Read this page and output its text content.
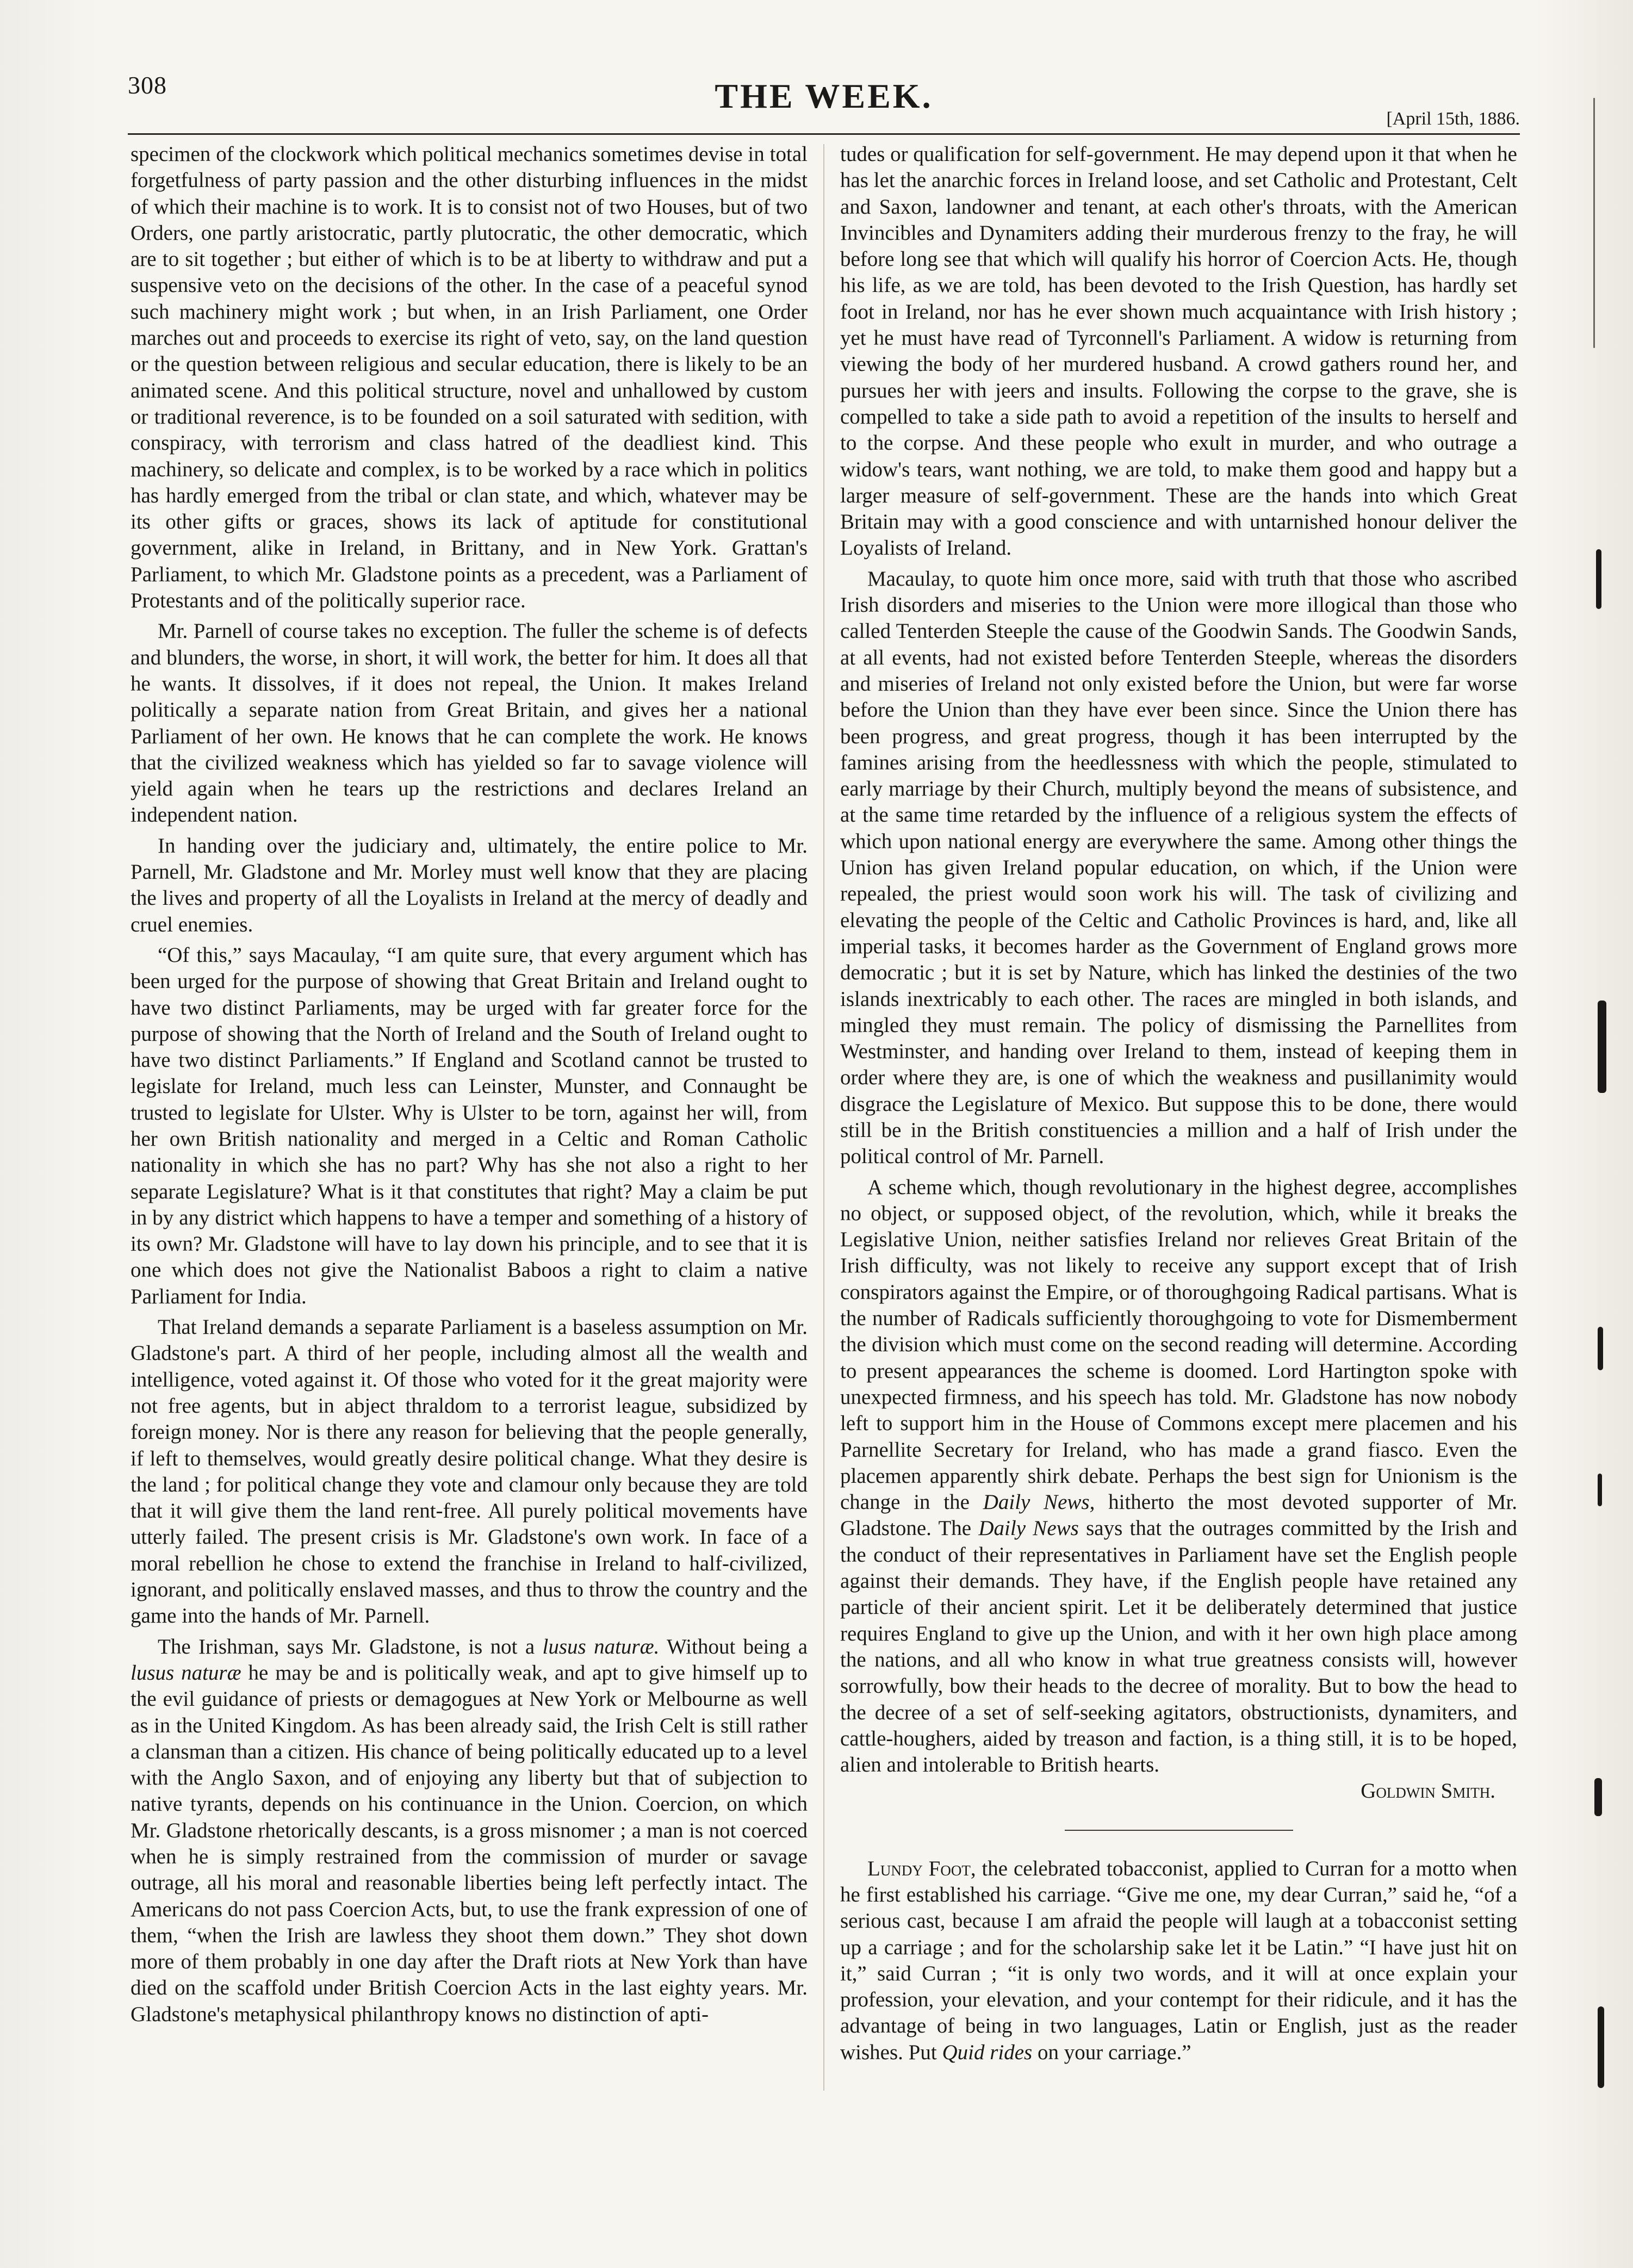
308	THE WEEK.
[April 15th, 1886.

specimen of the clockwork which political mechanics sometimes devise in total forgetfulness of party passion and the other disturbing influences in the midst of which their machine is to work. It is to consist not of two Houses, but of two Orders, one partly aristocratic, partly plutocratic, the other democratic, which are to sit together ; but either of which is to be at liberty to withdraw and put a suspensive veto on the decisions of the other. In the case of a peaceful synod such machinery might work ; but when, in an Irish Parliament, one Order marches out and proceeds to exercise its right of veto, say, on the land question or the question between religious and secular education, there is likely to be an animated scene. And this political structure, novel and unhallowed by custom or traditional reverence, is to be founded on a soil saturated with sedition, with conspiracy, with terrorism and class hatred of the deadliest kind. This machinery, so delicate and complex, is to be worked by a race which in politics has hardly emerged from the tribal or clan state, and which, whatever may be its other gifts or graces, shows its lack of aptitude for constitutional government, alike in Ireland, in Brittany, and in New York. Grattan's Parliament, to which Mr. Gladstone points as a precedent, was a Parliament of Protestants and of the politically superior race.

Mr. Parnell of course takes no exception. The fuller the scheme is of defects and blunders, the worse, in short, it will work, the better for him. It does all that he wants. It dissolves, if it does not repeal, the Union. It makes Ireland politically a separate nation from Great Britain, and gives her a national Parliament of her own. He knows that he can complete the work. He knows that the civilized weakness which has yielded so far to savage violence will yield again when he tears up the restrictions and declares Ireland an independent nation.

In handing over the judiciary and, ultimately, the entire police to Mr. Parnell, Mr. Gladstone and Mr. Morley must well know that they are placing the lives and property of all the Loyalists in Ireland at the mercy of deadly and cruel enemies.

“Of this,” says Macaulay, “I am quite sure, that every argument which has been urged for the purpose of showing that Great Britain and Ireland ought to have two distinct Parliaments, may be urged with far greater force for the purpose of showing that the North of Ireland and the South of Ireland ought to have two distinct Parliaments.” If England and Scotland cannot be trusted to legislate for Ireland, much less can Leinster, Munster, and Connaught be trusted to legislate for Ulster. Why is Ulster to be torn, against her will, from her own British nationality and merged in a Celtic and Roman Catholic nationality in which she has no part? Why has she not also a right to her separate Legislature? What is it that constitutes that right? May a claim be put in by any district which happens to have a temper and something of a history of its own? Mr. Gladstone will have to lay down his principle, and to see that it is one which does not give the Nationalist Baboos a right to claim a native Parliament for India.

That Ireland demands a separate Parliament is a baseless assumption on Mr. Gladstone's part. A third of her people, including almost all the wealth and intelligence, voted against it. Of those who voted for it the great majority were not free agents, but in abject thraldom to a terrorist league, subsidized by foreign money. Nor is there any reason for believing that the people generally, if left to themselves, would greatly desire political change. What they desire is the land ; for political change they vote and clamour only because they are told that it will give them the land rent-free. All purely political movements have utterly failed. The present crisis is Mr. Gladstone's own work. In face of a moral rebellion he chose to extend the franchise in Ireland to half-civilized, ignorant, and politically enslaved masses, and thus to throw the country and the game into the hands of Mr. Parnell.

The Irishman, says Mr. Gladstone, is not a lusus naturæ. Without being a lusus naturæ he may be and is politically weak, and apt to give himself up to the evil guidance of priests or demagogues at New York or Melbourne as well as in the United Kingdom. As has been already said, the Irish Celt is still rather a clansman than a citizen. His chance of being politically educated up to a level with the Anglo Saxon, and of enjoying any liberty but that of subjection to native tyrants, depends on his continuance in the Union. Coercion, on which Mr. Gladstone rhetorically descants, is a gross misnomer ; a man is not coerced when he is simply restrained from the commission of murder or savage outrage, all his moral and reasonable liberties being left perfectly intact. The Americans do not pass Coercion Acts, but, to use the frank expression of one of them, “when the Irish are lawless they shoot them down.” They shot down more of them probably in one day after the Draft riots at New York than have died on the scaffold under British Coercion Acts in the last eighty years. Mr. Gladstone's metaphysical philanthropy knows no distinction of apti-

tudes or qualification for self-government. He may depend upon it that when he has let the anarchic forces in Ireland loose, and set Catholic and Protestant, Celt and Saxon, landowner and tenant, at each other's throats, with the American Invincibles and Dynamiters adding their murderous frenzy to the fray, he will before long see that which will qualify his horror of Coercion Acts. He, though his life, as we are told, has been devoted to the Irish Question, has hardly set foot in Ireland, nor has he ever shown much acquaintance with Irish history ; yet he must have read of Tyrconnell's Parliament. A widow is returning from viewing the body of her murdered husband. A crowd gathers round her, and pursues her with jeers and insults. Following the corpse to the grave, she is compelled to take a side path to avoid a repetition of the insults to herself and to the corpse. And these people who exult in murder, and who outrage a widow's tears, want nothing, we are told, to make them good and happy but a larger measure of self-government. These are the hands into which Great Britain may with a good conscience and with untarnished honour deliver the Loyalists of Ireland.

Macaulay, to quote him once more, said with truth that those who ascribed Irish disorders and miseries to the Union were more illogical than those who called Tenterden Steeple the cause of the Goodwin Sands. The Goodwin Sands, at all events, had not existed before Tenterden Steeple, whereas the disorders and miseries of Ireland not only existed before the Union, but were far worse before the Union than they have ever been since. Since the Union there has been progress, and great progress, though it has been interrupted by the famines arising from the heedlessness with which the people, stimulated to early marriage by their Church, multiply beyond the means of subsistence, and at the same time retarded by the influence of a religious system the effects of which upon national energy are everywhere the same. Among other things the Union has given Ireland popular education, on which, if the Union were repealed, the priest would soon work his will. The task of civilizing and elevating the people of the Celtic and Catholic Provinces is hard, and, like all imperial tasks, it becomes harder as the Government of England grows more democratic ; but it is set by Nature, which has linked the destinies of the two islands inextricably to each other. The races are mingled in both islands, and mingled they must remain. The policy of dismissing the Parnellites from Westminster, and handing over Ireland to them, instead of keeping them in order where they are, is one of which the weakness and pusillanimity would disgrace the Legislature of Mexico. But suppose this to be done, there would still be in the British constituencies a million and a half of Irish under the political control of Mr. Parnell.

A scheme which, though revolutionary in the highest degree, accomplishes no object, or supposed object, of the revolution, which, while it breaks the Legislative Union, neither satisfies Ireland nor relieves Great Britain of the Irish difficulty, was not likely to receive any support except that of Irish conspirators against the Empire, or of thoroughgoing Radical partisans. What is the number of Radicals sufficiently thoroughgoing to vote for Dismemberment the division which must come on the second reading will determine. According to present appearances the scheme is doomed. Lord Hartington spoke with unexpected firmness, and his speech has told. Mr. Gladstone has now nobody left to support him in the House of Commons except mere placemen and his Parnellite Secretary for Ireland, who has made a grand fiasco. Even the placemen apparently shirk debate. Perhaps the best sign for Unionism is the change in the Daily News, hitherto the most devoted supporter of Mr. Gladstone. The Daily News says that the outrages committed by the Irish and the conduct of their representatives in Parliament have set the English people against their demands. They have, if the English people have retained any particle of their ancient spirit. Let it be deliberately determined that justice requires England to give up the Union, and with it her own high place among the nations, and all who know in what true greatness consists will, however sorrowfully, bow their heads to the decree of morality. But to bow the head to the decree of a set of self-seeking agitators, obstructionists, dynamiters, and cattle-houghers, aided by treason and faction, is a thing still, it is to be hoped, alien and intolerable to British hearts.

Goldwin Smith.

Lundy Foot, the celebrated tobacconist, applied to Curran for a motto when he first established his carriage. “Give me one, my dear Curran,” said he, “of a serious cast, because I am afraid the people will laugh at a tobacconist setting up a carriage ; and for the scholarship sake let it be Latin.” “I have just hit on it,” said Curran ; “it is only two words, and it will at once explain your profession, your elevation, and your contempt for their ridicule, and it has the advantage of being in two languages, Latin or English, just as the reader wishes. Put Quid rides on your carriage.”
